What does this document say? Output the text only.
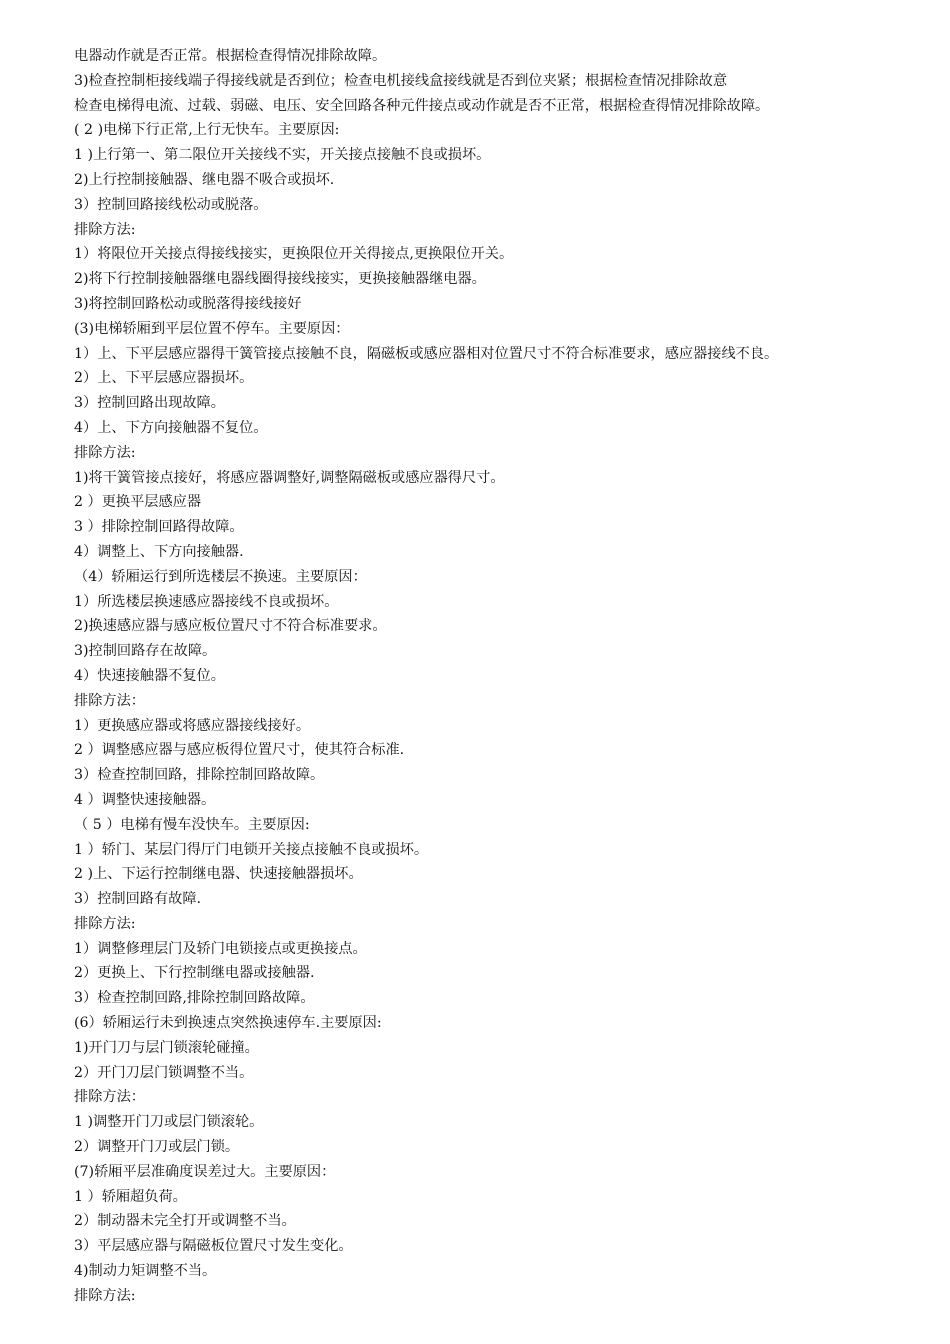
电器动作就是否正常。根据检查得情况排除故障。
3)检查控制柜接线端子得接线就是否到位；检查电机接线盒接线就是否到位夹紧；根据检查情况排除故意
检查电梯得电流、过载、弱磁、电压、安全回路各种元件接点或动作就是否不正常，根据检查得情况排除故障。
( 2 )电梯下行正常,上行无快车。主要原因:
1 )上行第一、第二限位开关接线不实，开关接点接触不良或损坏。
2)上行控制接触器、继电器不吸合或损坏.
3）控制回路接线松动或脱落。
排除方法:
1）将限位开关接点得接线接实，更换限位开关得接点,更换限位开关。
2)将下行控制接触器继电器线圈得接线接实，更换接触器继电器。
3)将控制回路松动或脱落得接线接好
(3)电梯轿厢到平层位置不停车。主要原因：
1）上、下平层感应器得干簧管接点接触不良，隔磁板或感应器相对位置尺寸不符合标准要求，感应器接线不良。
2）上、下平层感应器损坏。
3）控制回路出现故障。
4）上、下方向接触器不复位。
排除方法:
1)将干簧管接点接好，将感应器调整好,调整隔磁板或感应器得尺寸。
2 ）更换平层感应器
3 ）排除控制回路得故障。
4）调整上、下方向接触器.
（4）轿厢运行到所选楼层不换速。主要原因：
1）所选楼层换速感应器接线不良或损坏。
2)换速感应器与感应板位置尺寸不符合标准要求。
3)控制回路存在故障。
4）快速接触器不复位。
排除方法：
1）更换感应器或将感应器接线接好。
2 ）调整感应器与感应板得位置尺寸，使其符合标准.
3）检查控制回路，排除控制回路故障。
4 ）调整快速接触器。
（ 5 ）电梯有慢车没快车。主要原因:
1 ）轿门、某层门得厅门电锁开关接点接触不良或损坏。
2 )上、下运行控制继电器、快速接触器损坏。
3）控制回路有故障.
排除方法:
1）调整修理层门及轿门电锁接点或更换接点。
2）更换上、下行控制继电器或接触器.
3）检查控制回路,排除控制回路故障。
(6）轿厢运行未到换速点突然换速停车.主要原因:
1)开门刀与层门锁滚轮碰撞。
2）开门刀层门锁调整不当。
排除方法：
1 )调整开门刀或层门锁滚轮。
2）调整开门刀或层门锁。
(7)轿厢平层准确度误差过大。主要原因：
1 ）轿厢超负荷。
2）制动器未完全打开或调整不当。
3）平层感应器与隔磁板位置尺寸发生变化。
4)制动力矩调整不当。
排除方法:
